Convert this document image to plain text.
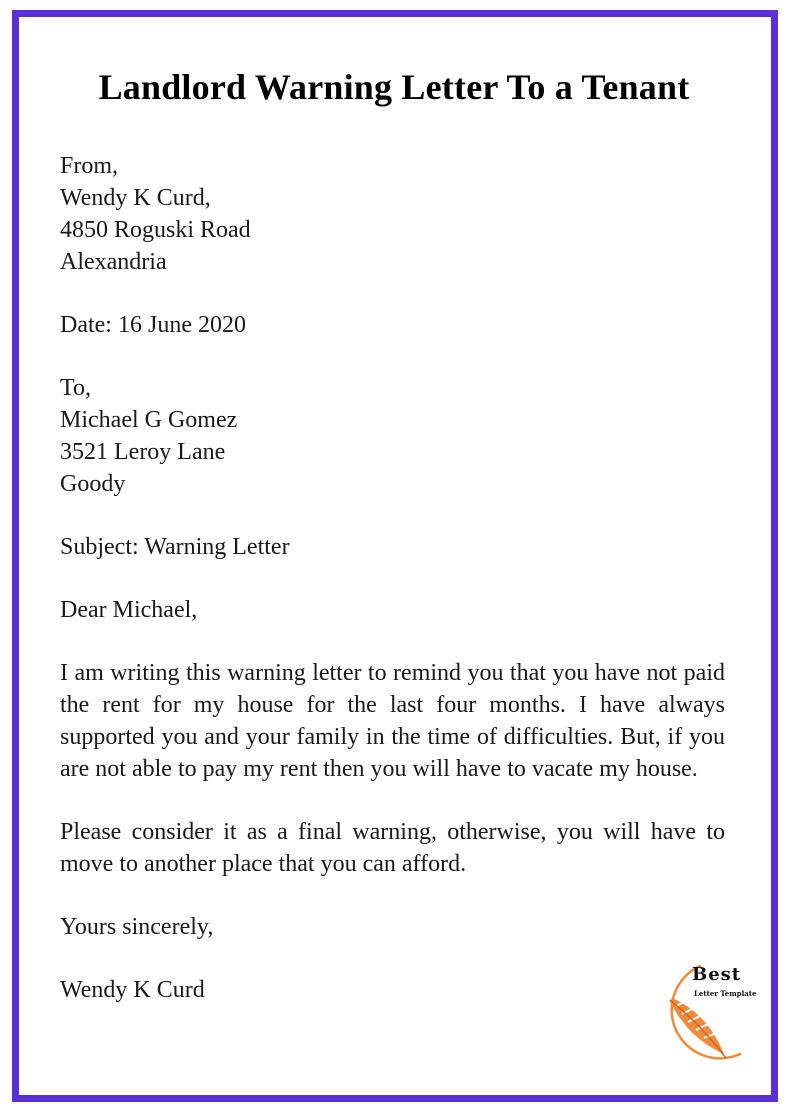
Landlord Warning Letter To a Tenant
From,
Wendy K Curd,
4850 Roguski Road
Alexandria
Date: 16 June 2020
To,
Michael G Gomez
3521 Leroy Lane
Goody
Subject: Warning Letter
Dear Michael,
I am writing this warning letter to remind you that you have not paid the rent for my house for the last four months. I have always supported you and your family in the time of difficulties. But, if you are not able to pay my rent then you will have to vacate my house.
Please consider it as a final warning, otherwise, you will have to move to another place that you can afford.
Yours sincerely,
Wendy K Curd
Best
Letter Template
